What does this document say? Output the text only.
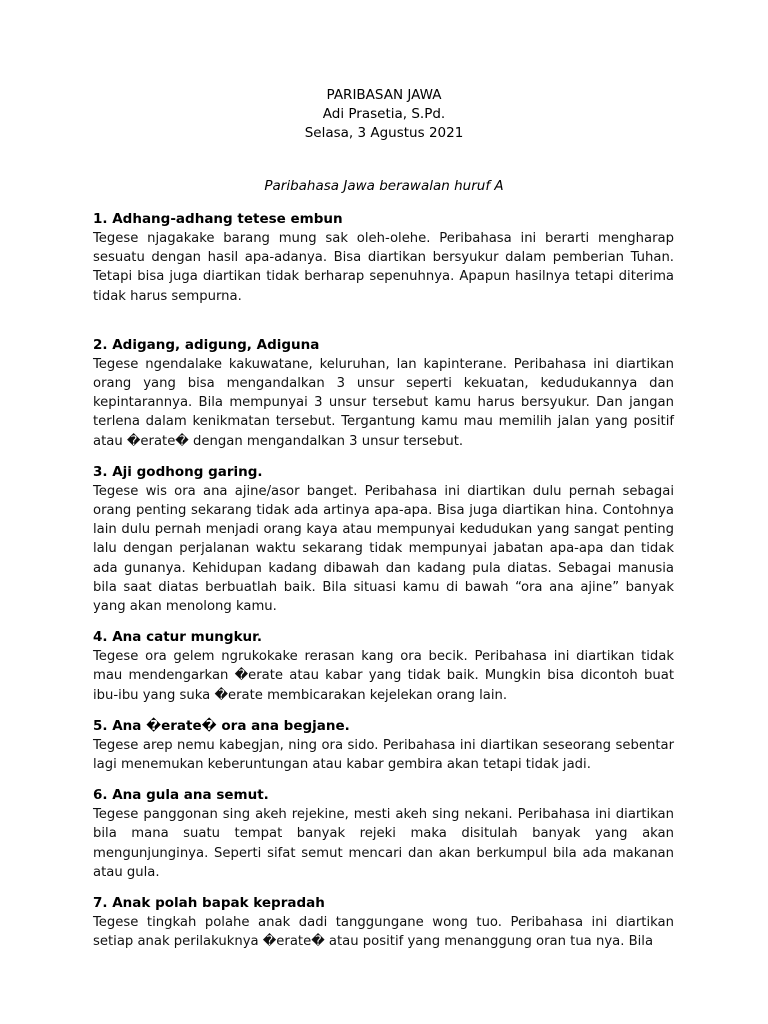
PARIBASAN JAWA
Adi Prasetia, S.Pd.
Selasa, 3 Agustus 2021
Paribahasa Jawa berawalan huruf A

1. Adhang-adhang tetese embun

Tegese njagakake barang mung sak oleh-olehe. Peribahasa ini berarti mengharap sesuatu dengan hasil apa-adanya. Bisa diartikan bersyukur dalam pemberian Tuhan. Tetapi bisa juga diartikan tidak berharap sepenuhnya. Apapun hasilnya tetapi diterima tidak harus sempurna.

2. Adigang, adigung, Adiguna

Tegese ngendalake kakuwatane, keluruhan, lan kapinterane. Peribahasa ini diartikan orang yang bisa mengandalkan 3 unsur seperti kekuatan, kedudukannya dan kepintarannya. Bila mempunyai 3 unsur tersebut kamu harus bersyukur. Dan jangan terlena dalam kenikmatan tersebut. Tergantung kamu mau memilih jalan yang positif atau �erate� dengan mengandalkan 3 unsur tersebut.

3. Aji godhong garing.

Tegese wis ora ana ajine/asor banget. Peribahasa ini diartikan dulu pernah sebagai orang penting sekarang tidak ada artinya apa-apa. Bisa juga diartikan hina. Contohnya lain dulu pernah menjadi orang kaya atau mempunyai kedudukan yang sangat penting lalu dengan perjalanan waktu sekarang tidak mempunyai jabatan apa-apa dan tidak ada gunanya. Kehidupan kadang dibawah dan kadang pula diatas. Sebagai manusia bila saat diatas berbuatlah baik. Bila situasi kamu di bawah “ora ana ajine” banyak yang akan menolong kamu.

4. Ana catur mungkur.

Tegese ora gelem ngrukokake rerasan kang ora becik. Peribahasa ini diartikan tidak mau mendengarkan �erate atau kabar yang tidak baik. Mungkin bisa dicontoh buat ibu-ibu yang suka �erate membicarakan kejelekan orang lain.

5. Ana �erate� ora ana begjane.

Tegese arep nemu kabegjan, ning ora sido. Peribahasa ini diartikan seseorang sebentar lagi menemukan keberuntungan atau kabar gembira akan tetapi tidak jadi.

6. Ana gula ana semut.

Tegese panggonan sing akeh rejekine, mesti akeh sing nekani. Peribahasa ini diartikan bila mana suatu tempat banyak rejeki maka disitulah banyak yang akan mengunjunginya. Seperti sifat semut mencari dan akan berkumpul bila ada makanan atau gula.

7. Anak polah bapak kepradah

Tegese tingkah polahe anak dadi tanggungane wong tuo. Peribahasa ini diartikan setiap anak perilakuknya �erate� atau positif yang menanggung oran tua nya. Bila
